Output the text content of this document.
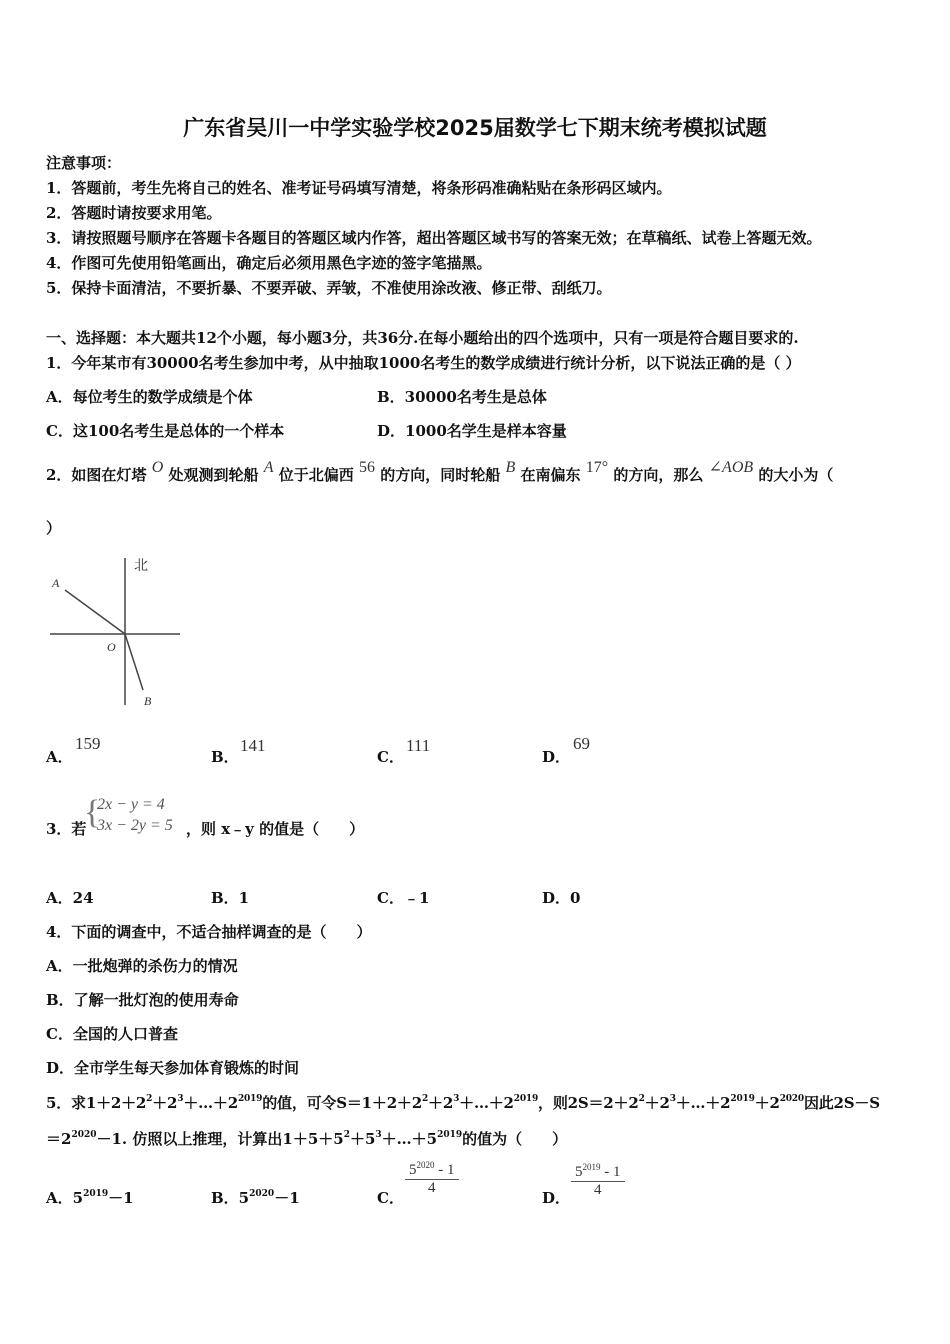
广东省吴川一中学实验学校2025届数学七下期末统考模拟试题
注意事项：
1．答题前，考生先将自己的姓名、准考证号码填写清楚，将条形码准确粘贴在条形码区域内。
2．答题时请按要求用笔。
3．请按照题号顺序在答题卡各题目的答题区域内作答，超出答题区域书写的答案无效；在草稿纸、试卷上答题无效。
4．作图可先使用铅笔画出，确定后必须用黑色字迹的签字笔描黑。
5．保持卡面清洁，不要折暴、不要弄破、弄皱，不准使用涂改液、修正带、刮纸刀。
一、选择题：本大题共12个小题，每小题3分，共36分.在每小题给出的四个选项中，只有一项是符合题目要求的.
1．今年某市有30000名考生参加中考，从中抽取1000名考生的数学成绩进行统计分析，以下说法正确的是（ ）
A．每位考生的数学成绩是个体	B．30000名考生是总体
C．这100名考生是总体的一个样本	D．1000名学生是样本容量
2．如图在灯塔 O 处观测到轮船 A 位于北偏西 56 的方向，同时轮船 B 在南偏东 17° 的方向，那么 ∠AOB 的大小为（
）
北
A
O
B
A．
159
B．
141
C．
111
D．
69
3．若
{
2x − y = 4
3x − 2y = 5 ，则 x﹣y 的值是（　　）
A．24	B．1	C．﹣1	D．0
4．下面的调查中，不适合抽样调查的是（　　）
A．一批炮弹的杀伤力的情况
B．了解一批灯泡的使用寿命
C．全国的人口普查
D．全市学生每天参加体育锻炼的时间
5．求$1+2+2^2+2^3+\dots+2^{2019}$的值，可令$S=1+2+2^2+2^3+\dots+2^{2019}$，则$2S=2+2^2+2^3+\dots+2^{2019}+2^{2020}$因此2S－S
$=2^{2020}-1$. 仿照以上推理，计算出$1+5+5^2+5^3+\dots+5^{2019}$的值为（　　）
A．$5^{2019}-1$	B．$5^{2020}-1$	C．
$\frac{5^{2020} - 1}{4}$
D． $\frac{5^{2019} - 1}{4}$
